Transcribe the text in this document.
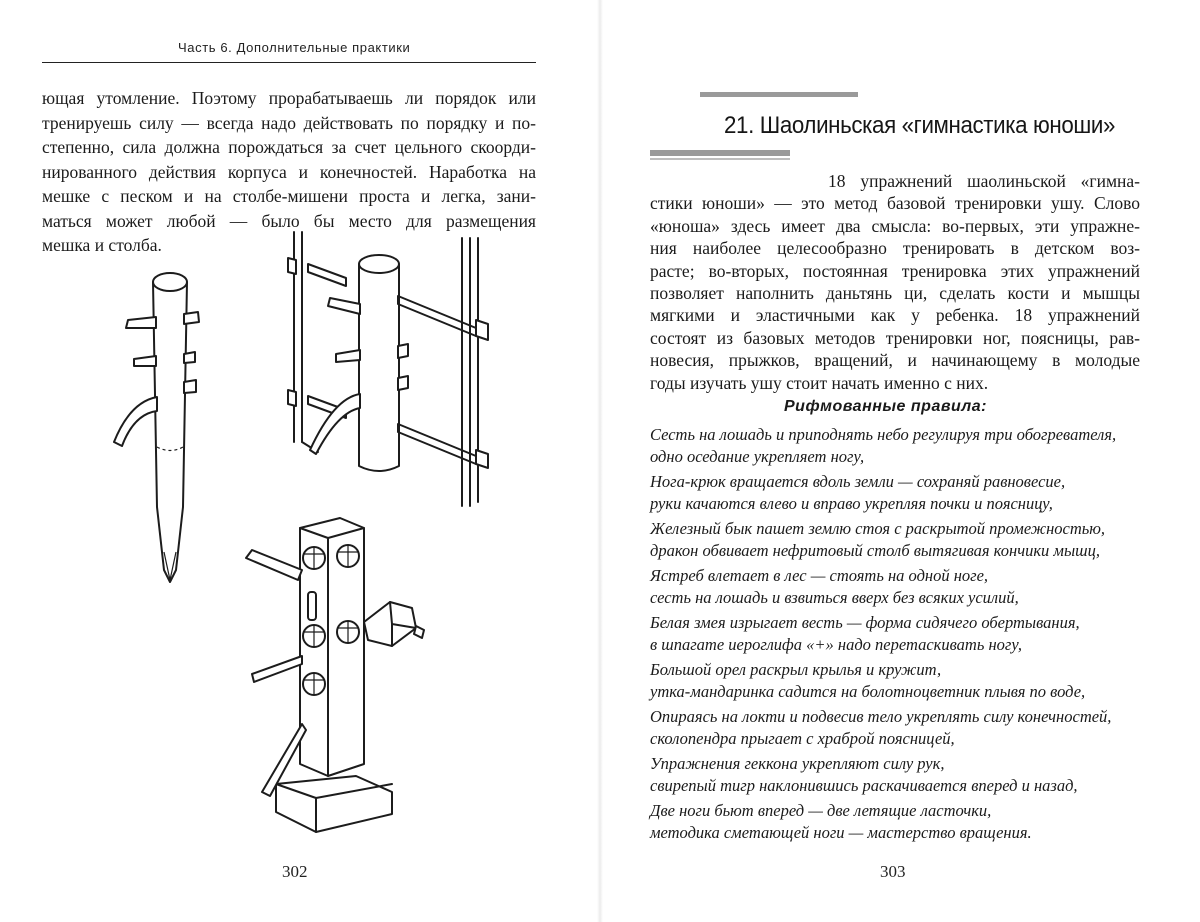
Часть 6. Дополнительные практики
ющая утомление. Поэтому прорабатываешь ли порядок или
тренируешь силу — всегда надо действовать по порядку и по-
степенно, сила должна порождаться за счет цельного скоорди-
нированного действия корпуса и конечностей. Наработка на
мешке с песком и на столбе-мишени проста и легка, зани-
маться может любой — было бы место для размещения
мешка и столба.
302
21. Шаолиньская «гимнастика юноши»
18 упражнений шаолиньской «гимна-
стики юноши» — это метод базовой тренировки ушу. Слово
«юноша» здесь имеет два смысла: во-первых, эти упражне-
ния наиболее целесообразно тренировать в детском воз-
расте; во-вторых, постоянная тренировка этих упражнений
позволяет наполнить даньтянь ци, сделать кости и мышцы
мягкими и эластичными как у ребенка. 18 упражнений
состоят из базовых методов тренировки ног, поясницы, рав-
новесия, прыжков, вращений, и начинающему в молодые
годы изучать ушу стоит начать именно с них.
Рифмованные правила:
Сесть на лошадь и приподнять небо регулируя три обогревателя,
одно оседание укрепляет ногу,
Нога-крюк вращается вдоль земли — сохраняй равновесие,
руки качаются влево и вправо укрепляя почки и поясницу,
Железный бык пашет землю стоя с раскрытой промежностью,
дракон обвивает нефритовый столб вытягивая кончики мышц,
Ястреб влетает в лес — стоять на одной ноге,
сесть на лошадь и взвиться вверх без всяких усилий,
Белая змея изрыгает весть — форма сидячего обертывания,
в шпагате иероглифа «+» надо перетаскивать ногу,
Большой орел раскрыл крылья и кружит,
утка-мандаринка садится на болотноцветник плывя по воде,
Опираясь на локти и подвесив тело укреплять силу конечностей,
сколопендра прыгает с храброй поясницей,
Упражнения геккона укрепляют силу рук,
свирепый тигр наклонившись раскачивается вперед и назад,
Две ноги бьют вперед — две летящие ласточки,
методика сметающей ноги — мастерство вращения.
303
